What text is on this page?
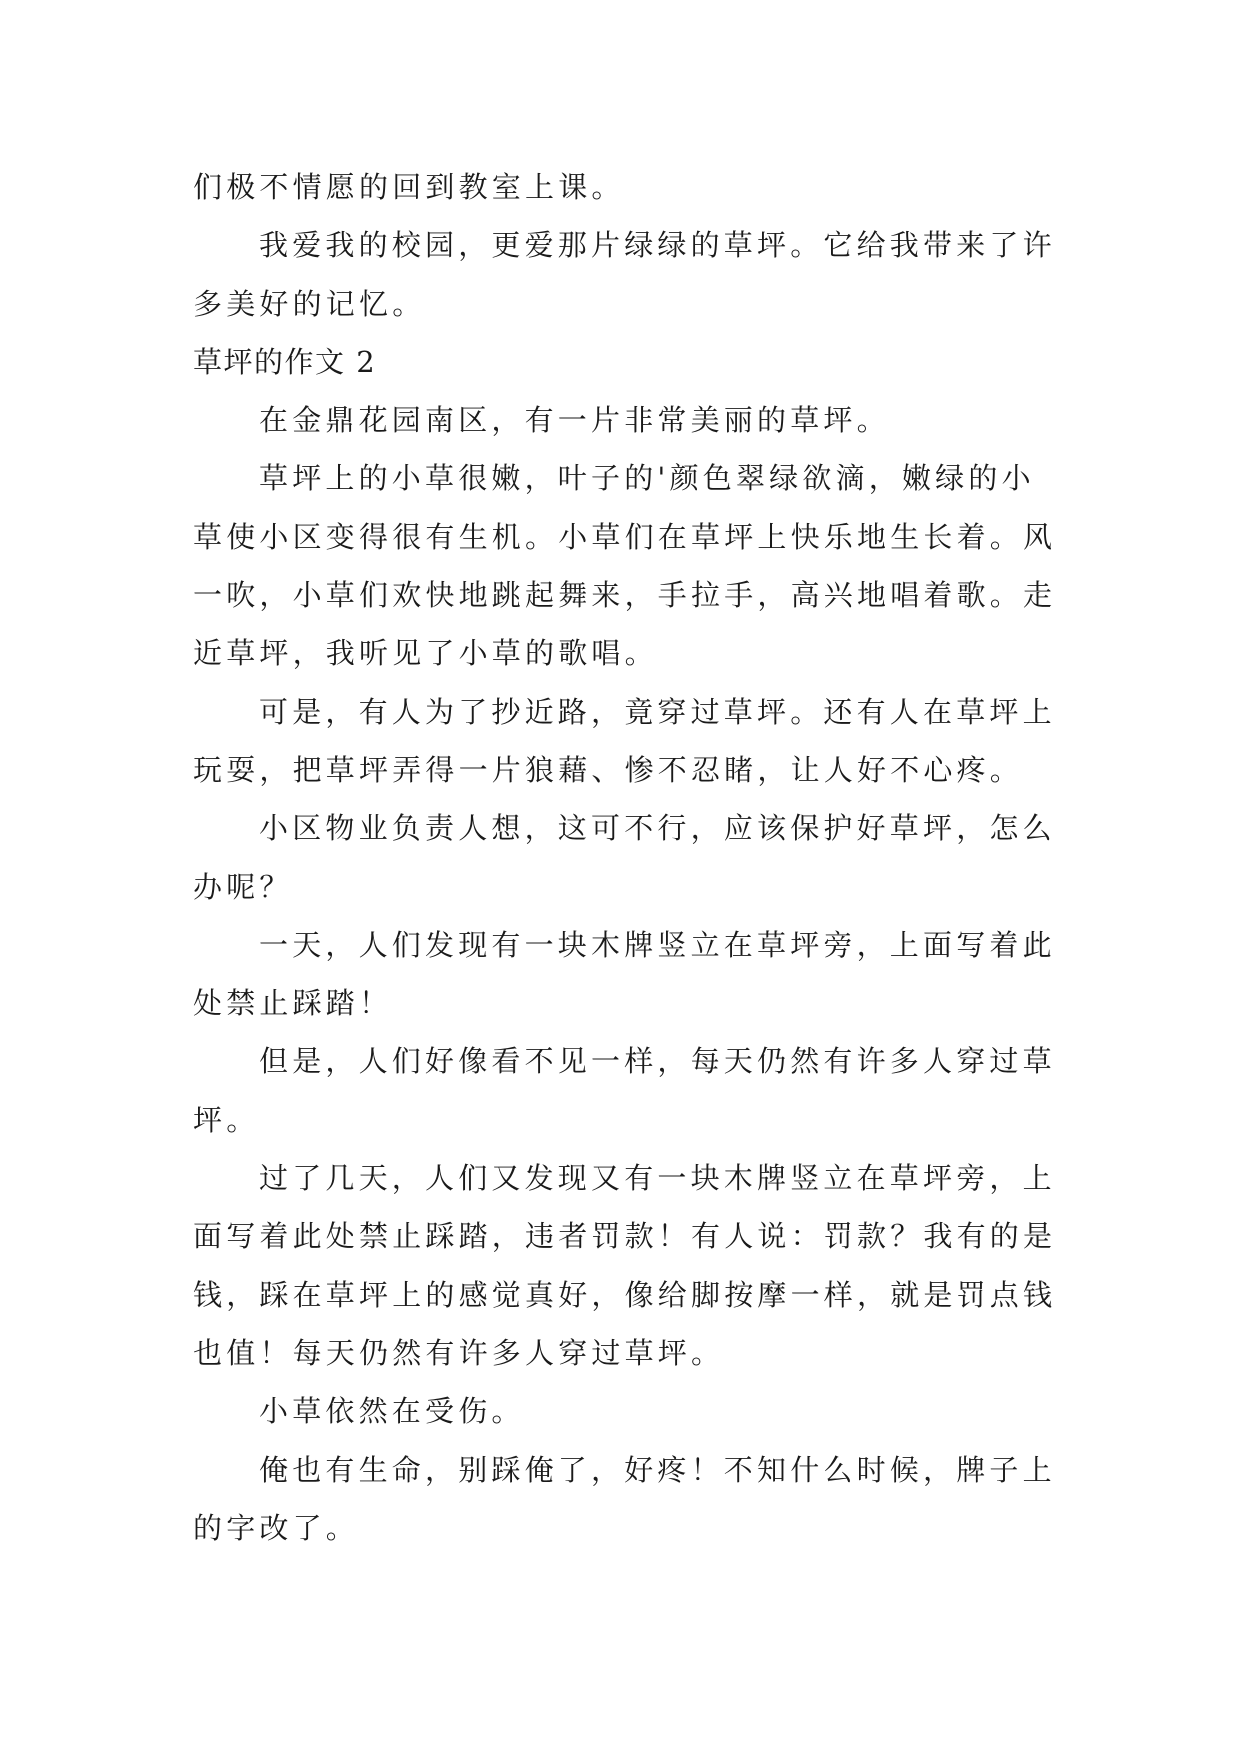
们极不情愿的回到教室上课。
我爱我的校园，更爱那片绿绿的草坪。它给我带来了许
多美好的记忆。
草坪的作文 2
在金鼎花园南区，有一片非常美丽的草坪。
草坪上的小草很嫩，叶子的'颜色翠绿欲滴，嫩绿的小
草使小区变得很有生机。小草们在草坪上快乐地生长着。风
一吹，小草们欢快地跳起舞来，手拉手，高兴地唱着歌。走
近草坪，我听见了小草的歌唱。
可是，有人为了抄近路，竟穿过草坪。还有人在草坪上
玩耍，把草坪弄得一片狼藉、惨不忍睹，让人好不心疼。
小区物业负责人想，这可不行，应该保护好草坪，怎么
办呢？
一天，人们发现有一块木牌竖立在草坪旁，上面写着此
处禁止踩踏！
但是，人们好像看不见一样，每天仍然有许多人穿过草
坪。
过了几天，人们又发现又有一块木牌竖立在草坪旁，上
面写着此处禁止踩踏，违者罚款！有人说：罚款？我有的是
钱，踩在草坪上的感觉真好，像给脚按摩一样，就是罚点钱
也值！每天仍然有许多人穿过草坪。
小草依然在受伤。
俺也有生命，别踩俺了，好疼！不知什么时候，牌子上
的字改了。
